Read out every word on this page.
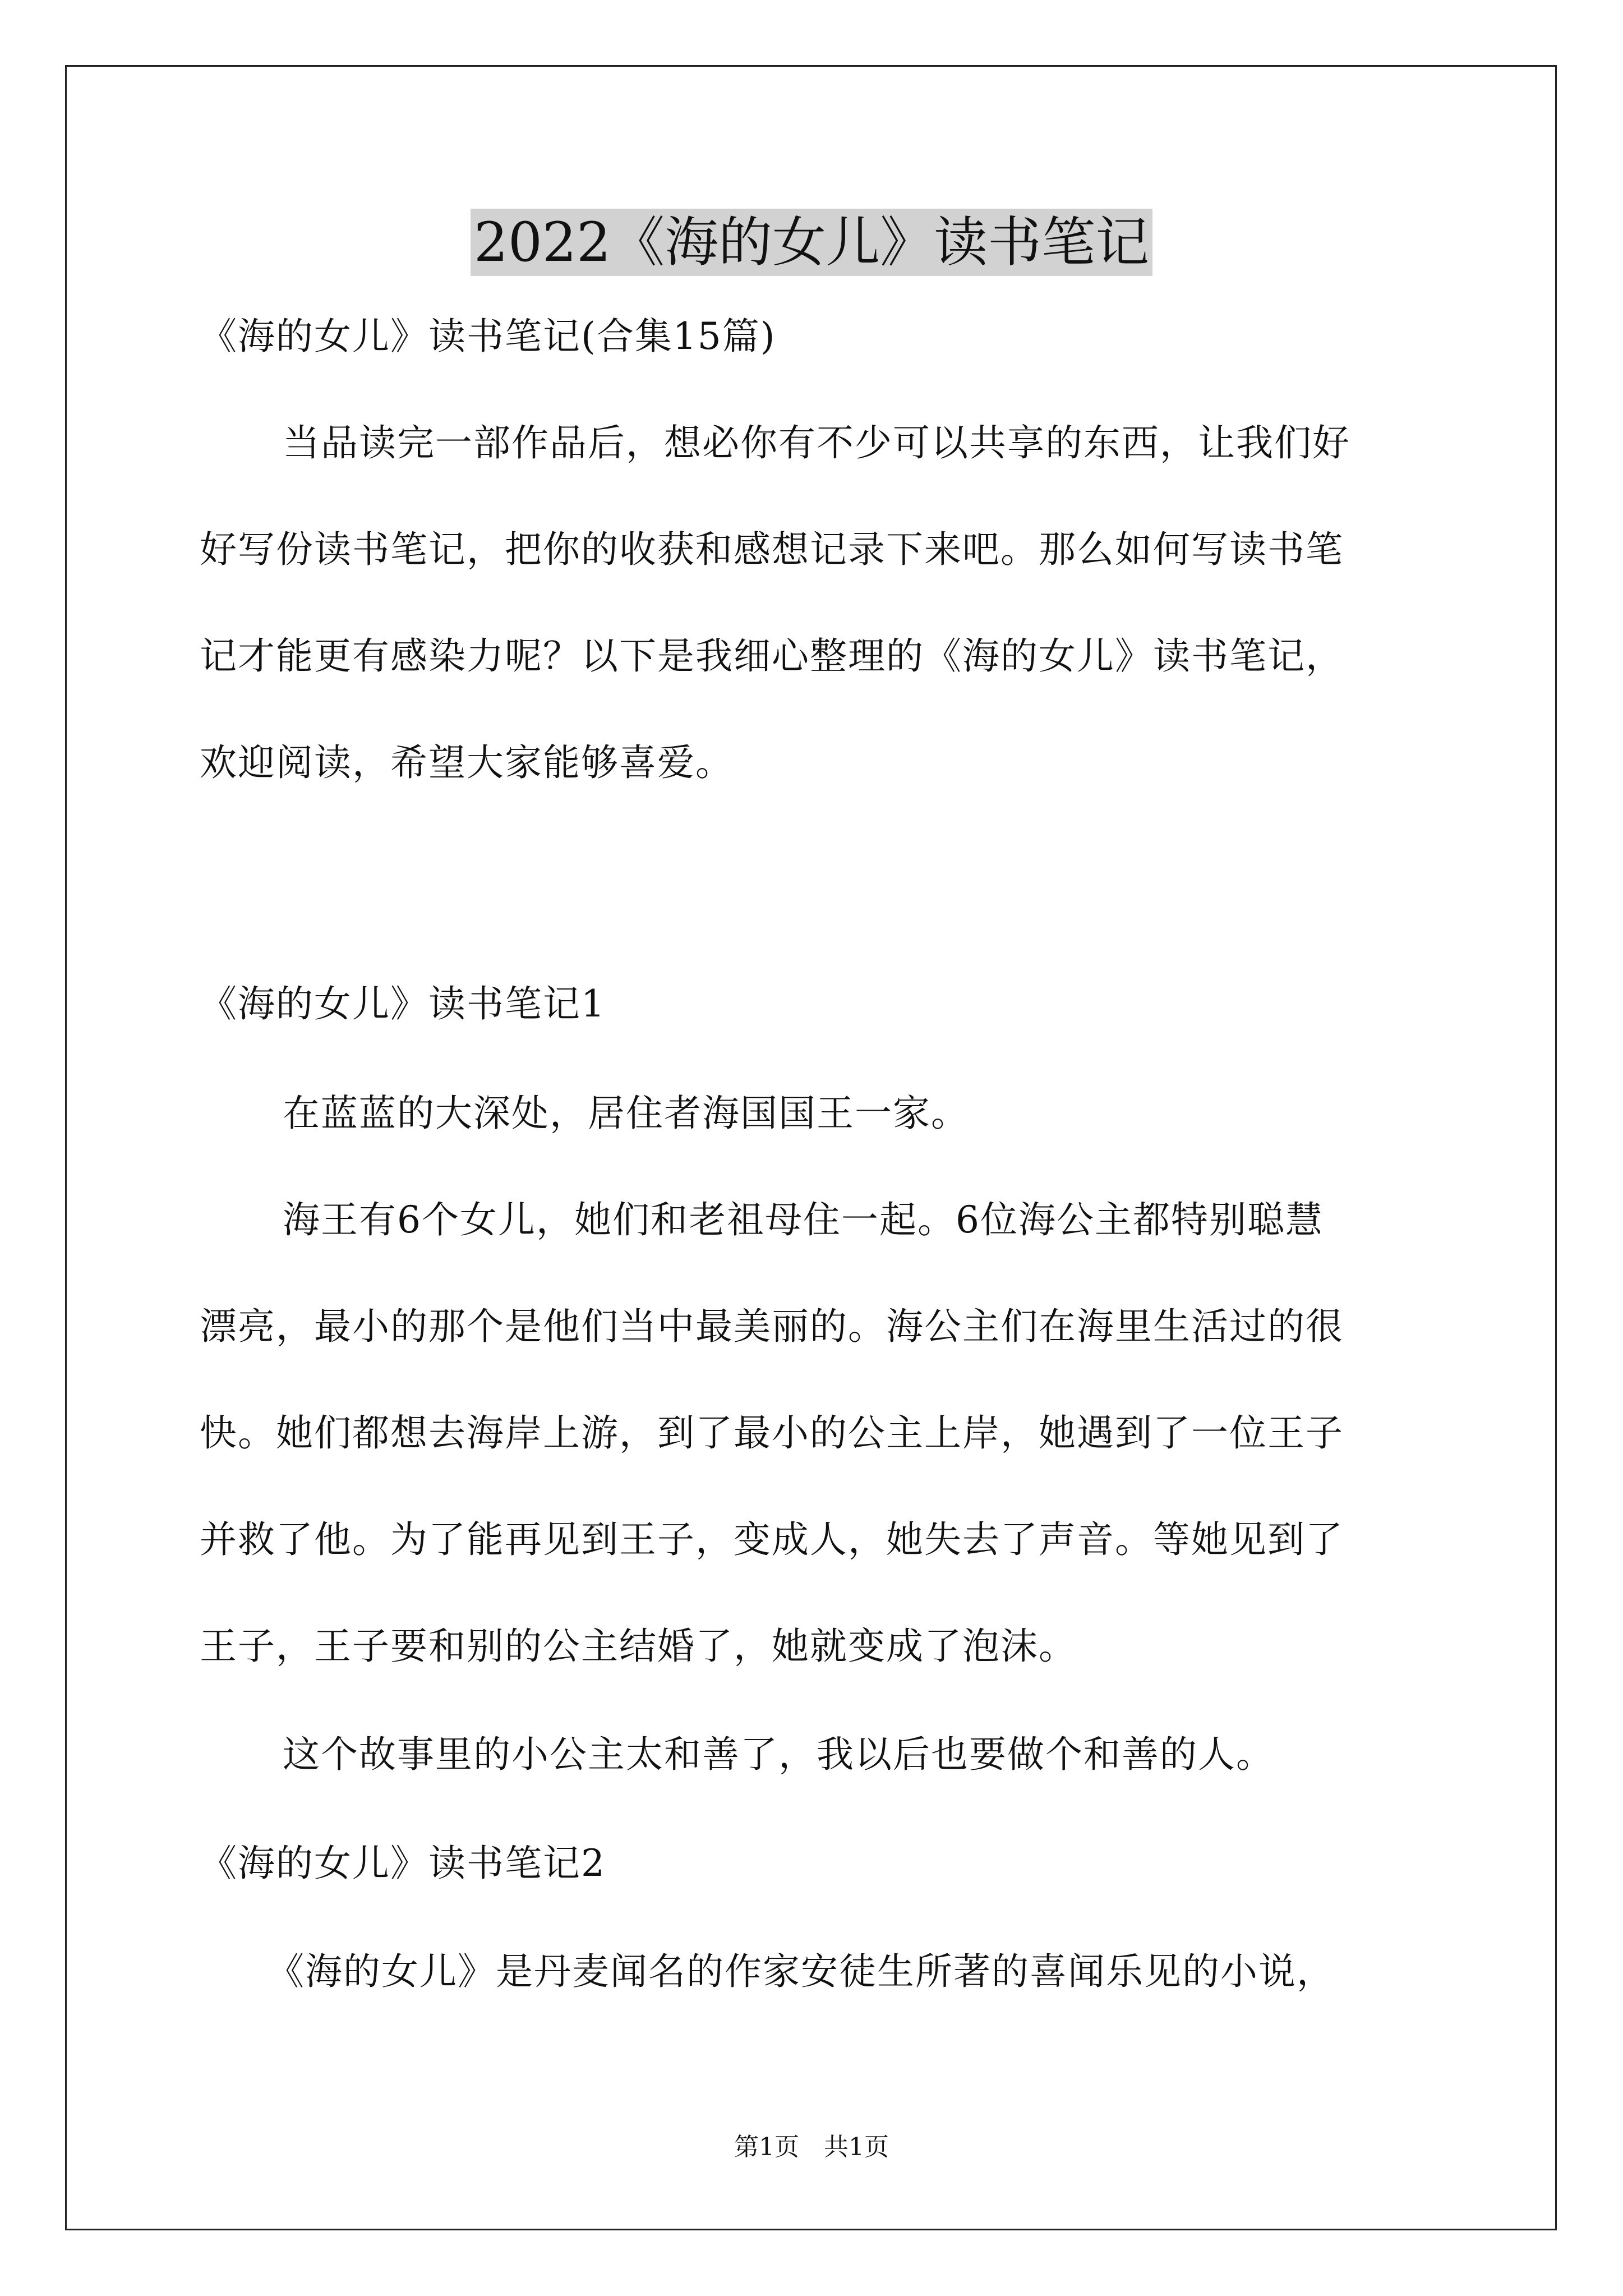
2022《海的女儿》读书笔记
《海的女儿》读书笔记(合集15篇)
当品读完一部作品后，想必你有不少可以共享的东西，让我们好
好写份读书笔记，把你的收获和感想记录下来吧。那么如何写读书笔
记才能更有感染力呢？以下是我细心整理的《海的女儿》读书笔记，
欢迎阅读，希望大家能够喜爱。
《海的女儿》读书笔记1
在蓝蓝的大深处，居住者海国国王一家。
海王有6个女儿，她们和老祖母住一起。6位海公主都特别聪慧
漂亮，最小的那个是他们当中最美丽的。海公主们在海里生活过的很
快。她们都想去海岸上游，到了最小的公主上岸，她遇到了一位王子
并救了他。为了能再见到王子，变成人，她失去了声音。等她见到了
王子，王子要和别的公主结婚了，她就变成了泡沫。
这个故事里的小公主太和善了，我以后也要做个和善的人。
《海的女儿》读书笔记2
《海的女儿》是丹麦闻名的作家安徒生所著的喜闻乐见的小说，
第1页　共1页
